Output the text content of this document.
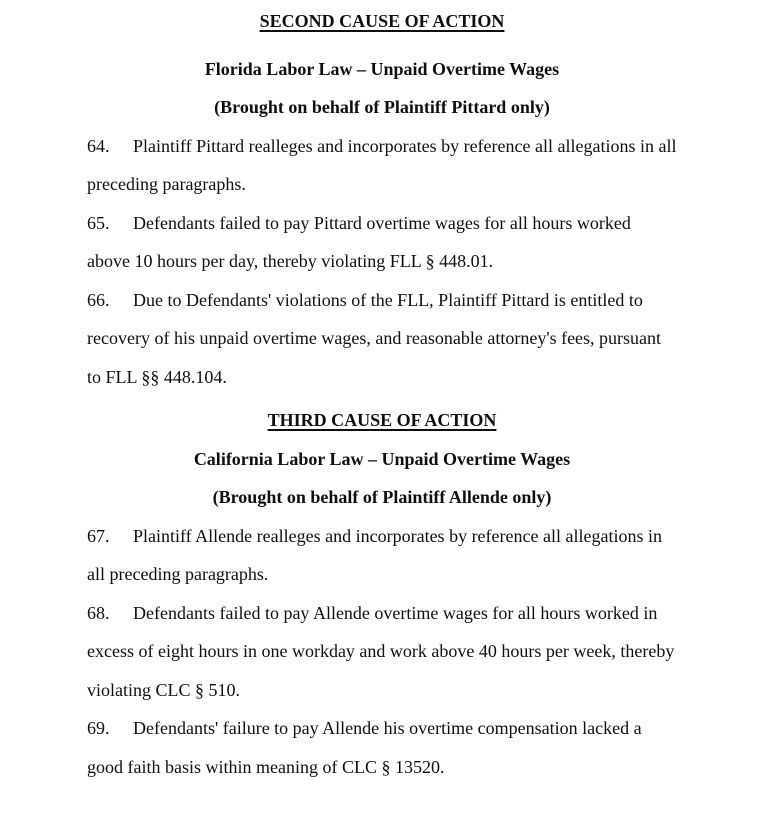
SECOND CAUSE OF ACTION
Florida Labor Law – Unpaid Overtime Wages
(Brought on behalf of Plaintiff Pittard only)
64. Plaintiff Pittard realleges and incorporates by reference all allegations in all
preceding paragraphs.
65. Defendants failed to pay Pittard overtime wages for all hours worked
above 10 hours per day, thereby violating FLL § 448.01.
66. Due to Defendants' violations of the FLL, Plaintiff Pittard is entitled to
recovery of his unpaid overtime wages, and reasonable attorney's fees, pursuant
to FLL §§ 448.104.
THIRD CAUSE OF ACTION
California Labor Law – Unpaid Overtime Wages
(Brought on behalf of Plaintiff Allende only)
67. Plaintiff Allende realleges and incorporates by reference all allegations in
all preceding paragraphs.
68. Defendants failed to pay Allende overtime wages for all hours worked in
excess of eight hours in one workday and work above 40 hours per week, thereby
violating CLC § 510.
69. Defendants' failure to pay Allende his overtime compensation lacked a
good faith basis within meaning of CLC § 13520.
